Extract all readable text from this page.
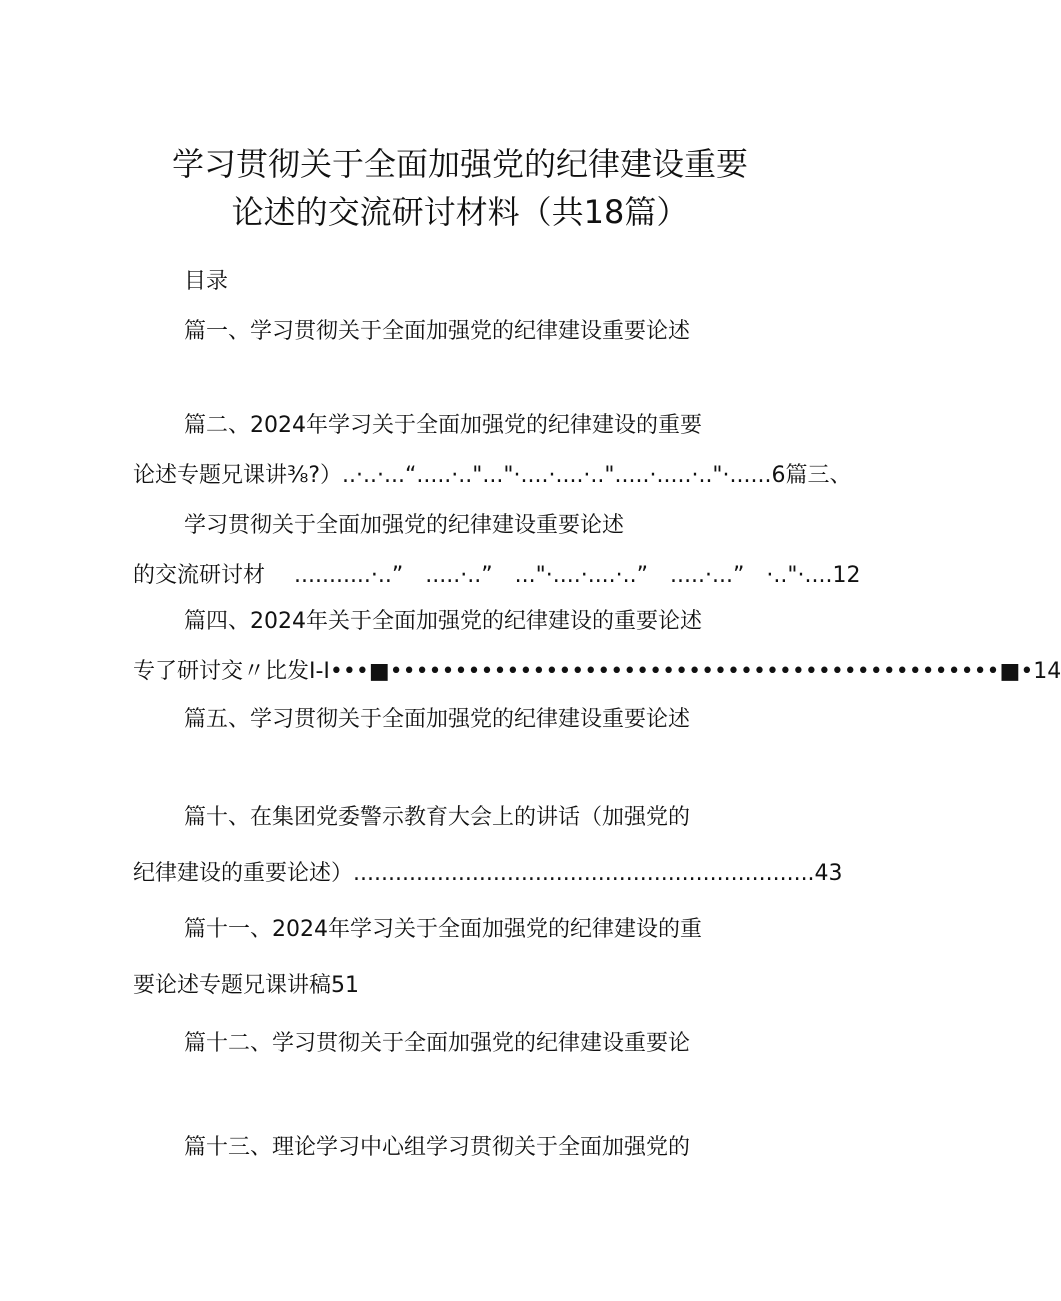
学习贯彻关于全面加强党的纪律建设重要
论述的交流研讨材料（共18篇）
目录
篇一、学习贯彻关于全面加强党的纪律建设重要论述
篇二、2024年学习关于全面加强党的纪律建设的重要
论述专题兄课讲⅜?）..·..·...“.....·.."..."·....·....·..".....·.....·.."·......6篇三、
学习贯彻关于全面加强党的纪律建设重要论述
的交流研讨材　 ...........·..”　.....·..”　..."·....·....·..”　.....·...”　·.."·....12
篇四、2024年关于全面加强党的纪律建设的重要论述
专了研讨交〃比发I-I•••■•••••••••••••••••••••••••••••••••••••••••••••••■•14
篇五、学习贯彻关于全面加强党的纪律建设重要论述
篇十、在集团党委警示教育大会上的讲话（加强党的
纪律建设的重要论述）..................................................................43
篇十一、2024年学习关于全面加强党的纪律建设的重
要论述专题兄课讲稿51
篇十二、学习贯彻关于全面加强党的纪律建设重要论
篇十三、理论学习中心组学习贯彻关于全面加强党的
